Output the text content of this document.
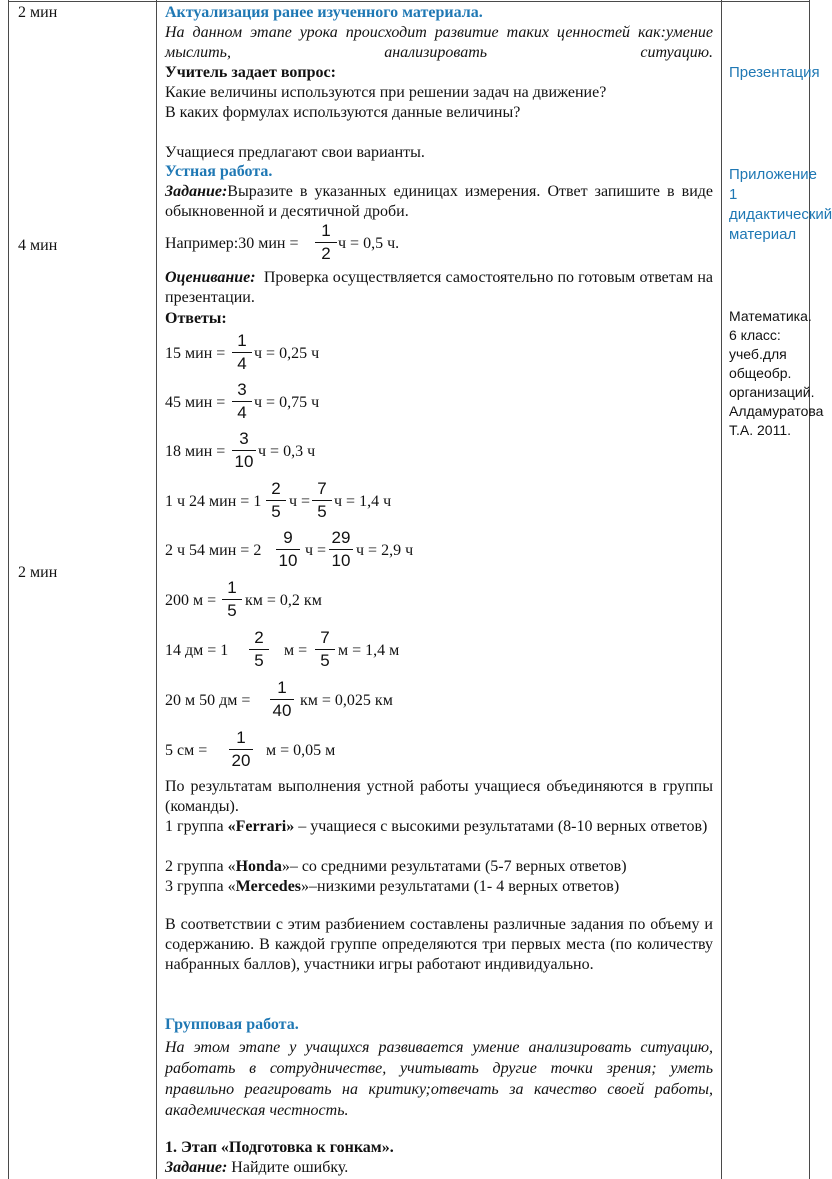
2 мин
4 мин
2 мин
Презентация
Приложение 1 дидактический материал
Математика. 6 класс: учеб.для общеобр. организаций. Алдамуратова Т.А. 2011.
Актуализация ранее изученного материала.
На данном этапе урока происходит развитие таких ценностей как:умение мыслить, анализировать ситуацию.
Учитель задает вопрос:
Какие величины используются при решении задач на движение?
В каких формулах используются данные величины?
Учащиеся предлагают свои варианты.
Устная работа.
Задание:Выразите в указанных единицах измерения. Ответ запишите в виде обыкновенной и десятичной дроби.
Например:30 мин =
1
2
ч = 0,5 ч.
Оценивание: Проверка осуществляется самостоятельно по готовым ответам на презентации.
Ответы:
15 мин =
1
4
ч = 0,25 ч
45 мин =
3
4
ч = 0,75 ч
18 мин =
3
10
ч = 0,3 ч
1 ч 24 мин = 1
2
5
ч =
7
5
ч = 1,4 ч
2 ч 54 мин = 2
9
10
ч =
29
10
ч = 2,9 ч
200 м =
1
5
км = 0,2 км
14 дм = 1
2
5
м =
7
5
м = 1,4 м
20 м 50 дм =
1
40
км = 0,025 км
5 см =
1
20
м = 0,05 м
По результатам выполнения устной работы учащиеся объединяются в группы (команды).
1 группа «Ferrari» – учащиеся с высокими результатами (8-10 верных ответов)
2 группа «Honda»– со средними результатами (5-7 верных ответов)
3 группа «Mercedes»–низкими результатами (1- 4 верных ответов)
В соответствии с этим разбиением составлены различные задания по объему и содержанию. В каждой группе определяются три первых места (по количеству набранных баллов), участники игры работают индивидуально.
Групповая работа.
На этом этапе у учащихся развивается умение анализировать ситуацию, работать в сотрудничестве, учитывать другие точки зрения; уметь правильно реагировать на критику;отвечать за качество своей работы, академическая честность.
1. Этап «Подготовка к гонкам».
Задание: Найдите ошибку.
